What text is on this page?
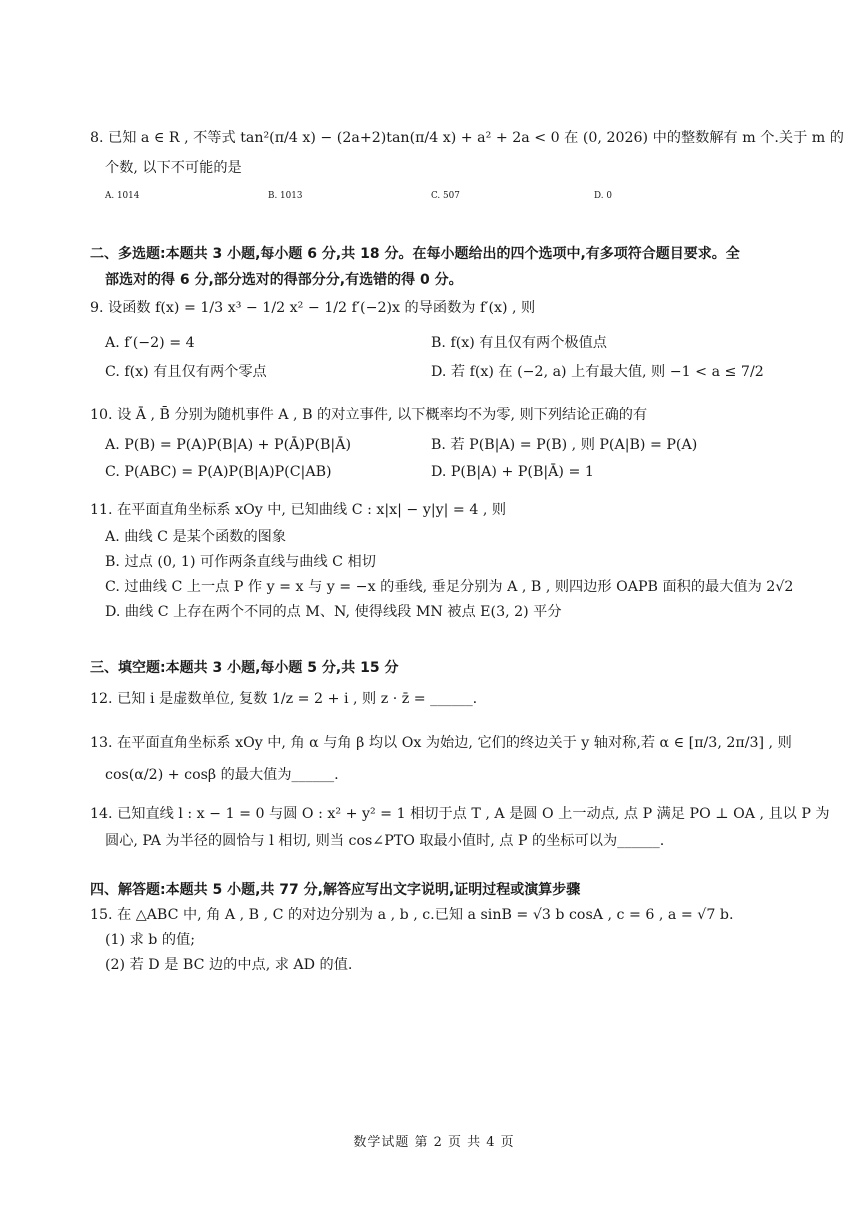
8. 已知 a ∈ R , 不等式 tan²(π/4 x) − (2a+2)tan(π/4 x) + a² + 2a < 0 在 (0, 2026) 中的整数解有 m 个.关于 m 的
个数, 以下不可能的是
A. 1014	B. 1013	C. 507	D. 0
二、多选题:本题共 3 小题,每小题 6 分,共 18 分。在每小题给出的四个选项中,有多项符合题目要求。全
部选对的得 6 分,部分选对的得部分分,有选错的得 0 分。
9. 设函数 f(x) = 1/3 x³ − 1/2 x² − 1/2 f′(−2)x 的导函数为 f′(x) , 则
A. f′(−2) = 4	B. f(x) 有且仅有两个极值点
C. f(x) 有且仅有两个零点	D. 若 f(x) 在 (−2, a) 上有最大值, 则 −1 < a ≤ 7/2
10. 设 Ā , B̄ 分别为随机事件 A , B 的对立事件, 以下概率均不为零, 则下列结论正确的有
A. P(B) = P(A)P(B|A) + P(Ā)P(B|Ā)	B. 若 P(B|A) = P(B) , 则 P(A|B) = P(A)
C. P(ABC) = P(A)P(B|A)P(C|AB)	D. P(B|A) + P(B|Ā) = 1
11. 在平面直角坐标系 xOy 中, 已知曲线 C : x|x| − y|y| = 4 , 则
A. 曲线 C 是某个函数的图象
B. 过点 (0, 1) 可作两条直线与曲线 C 相切
C. 过曲线 C 上一点 P 作 y = x 与 y = −x 的垂线, 垂足分别为 A , B , 则四边形 OAPB 面积的最大值为 2√2
D. 曲线 C 上存在两个不同的点 M、N, 使得线段 MN 被点 E(3, 2) 平分
三、填空题:本题共 3 小题,每小题 5 分,共 15 分
12. 已知 i 是虚数单位, 复数 1/z = 2 + i , 则 z · z̄ = ______.
13. 在平面直角坐标系 xOy 中, 角 α 与角 β 均以 Ox 为始边, 它们的终边关于 y 轴对称,若 α ∈ [π/3, 2π/3] , 则
cos(α/2) + cosβ 的最大值为______.
14. 已知直线 l : x − 1 = 0 与圆 O : x² + y² = 1 相切于点 T , A 是圆 O 上一动点, 点 P 满足 PO ⊥ OA , 且以 P 为
圆心, PA 为半径的圆恰与 l 相切, 则当 cos∠PTO 取最小值时, 点 P 的坐标可以为______.
四、解答题:本题共 5 小题,共 77 分,解答应写出文字说明,证明过程或演算步骤
15. 在 △ABC 中, 角 A , B , C 的对边分别为 a , b , c.已知 a sinB = √3 b cosA , c = 6 , a = √7 b.
(1) 求 b 的值;
(2) 若 D 是 BC 边的中点, 求 AD 的值.
数学试题 第 2 页 共 4 页
